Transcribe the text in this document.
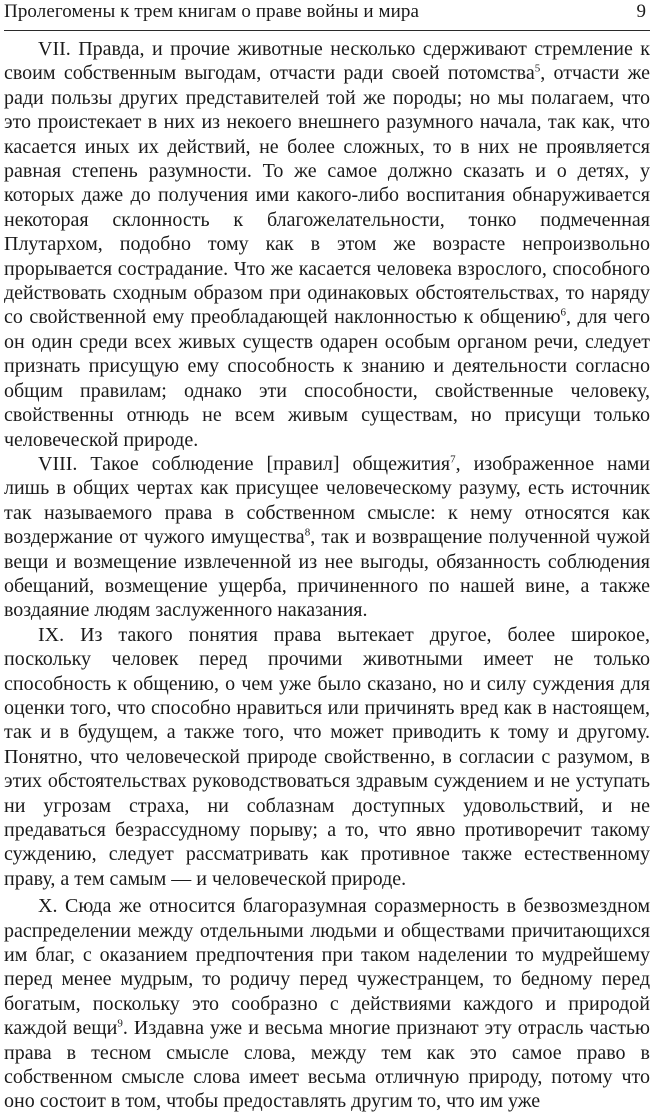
Пролегомены к трем книгам о праве войны и мира	9

VII. Правда, и прочие животные несколько сдерживают стремление к своим собственным выгодам, отчасти ради своей потомства$^5$, отчасти же ради пользы других представителей той же породы; но мы полагаем, что это проистекает в них из некоего внешнего разумного начала, так как, что касается иных их действий, не более сложных, то в них не проявляется равная степень разумности. То же самое должно сказать и о детях, у которых даже до получения ими какого-либо воспитания обнаруживается некоторая склонность к благожелательности, тонко подмеченная Плутархом, подобно тому как в этом же возрасте непроизвольно прорывается сострадание. Что же касается человека взрослого, способного действовать сходным образом при одинаковых обстоятельствах, то наряду со свойственной ему преобладающей наклонностью к общению$^6$, для чего он один среди всех живых существ одарен особым органом речи, следует признать присущую ему способность к знанию и деятельности согласно общим правилам; однако эти способности, свойственные человеку, свойственны отнюдь не всем живым существам, но присущи только человеческой природе.

VIII. Такое соблюдение [правил] общежития$^7$, изображенное нами лишь в общих чертах как присущее человеческому разуму, есть источник так называемого права в собственном смысле: к нему относятся как воздержание от чужого имущества$^8$, так и возвращение полученной чужой вещи и возмещение извлеченной из нее выгоды, обязанность соблюдения обещаний, возмещение ущерба, причиненного по нашей вине, а также воздаяние людям заслуженного наказания.

IX. Из такого понятия права вытекает другое, более широкое, поскольку человек перед прочими животными имеет не только способность к общению, о чем уже было сказано, но и силу суждения для оценки того, что способно нравиться или причинять вред как в настоящем, так и в будущем, а также того, что может приводить к тому и другому. Понятно, что человеческой природе свойственно, в согласии с разумом, в этих обстоятельствах руководствоваться здравым суждением и не уступать ни угрозам страха, ни соблазнам доступных удовольствий, и не предаваться безрассудному порыву; а то, что явно противоречит такому суждению, следует рассматривать как противное также естественному праву, а тем самым — и человеческой природе.

X. Сюда же относится благоразумная соразмерность в безвозмездном распределении между отдельными людьми и обществами причитающихся им благ, с оказанием предпочтения при таком наделении то мудрейшему перед менее мудрым, то родичу перед чужестранцем, то бедному перед богатым, поскольку это сообразно с действиями каждого и природой каждой вещи$^9$. Издавна уже и весьма многие признают эту отрасль частью права в тесном смысле слова, между тем как это самое право в собственном смысле слова имеет весьма отличную природу, потому что оно состоит в том, чтобы предоставлять другим то, что им уже
